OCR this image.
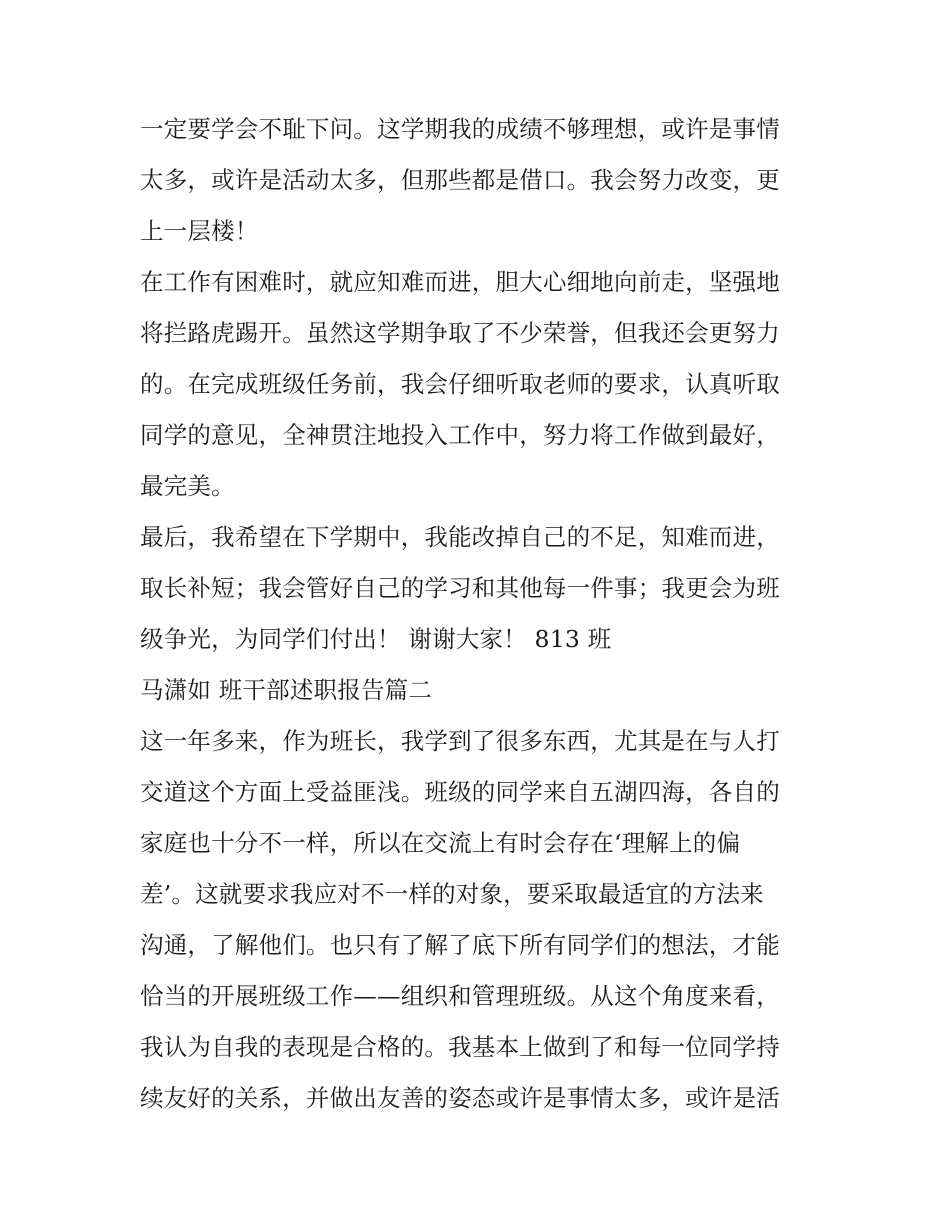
一定要学会不耻下问。这学期我的成绩不够理想，或许是事情
太多，或许是活动太多，但那些都是借口。我会努力改变，更
上一层楼！
在工作有困难时，就应知难而进，胆大心细地向前走，坚强地
将拦路虎踢开。虽然这学期争取了不少荣誉，但我还会更努力
的。在完成班级任务前，我会仔细听取老师的要求，认真听取
同学的意见，全神贯注地投入工作中，努力将工作做到最好，
最完美。
最后，我希望在下学期中，我能改掉自己的不足，知难而进，
取长补短；我会管好自己的学习和其他每一件事；我更会为班
级争光，为同学们付出！ 谢谢大家！ 813 班
马潇如 班干部述职报告篇二
这一年多来，作为班长，我学到了很多东西，尤其是在与人打
交道这个方面上受益匪浅。班级的同学来自五湖四海，各自的
家庭也十分不一样，所以在交流上有时会存在‘理解上的偏
差’。这就要求我应对不一样的对象，要采取最适宜的方法来
沟通，了解他们。也只有了解了底下所有同学们的想法，才能
恰当的开展班级工作——组织和管理班级。从这个角度来看，
我认为自我的表现是合格的。我基本上做到了和每一位同学持
续友好的关系，并做出友善的姿态或许是事情太多，或许是活
